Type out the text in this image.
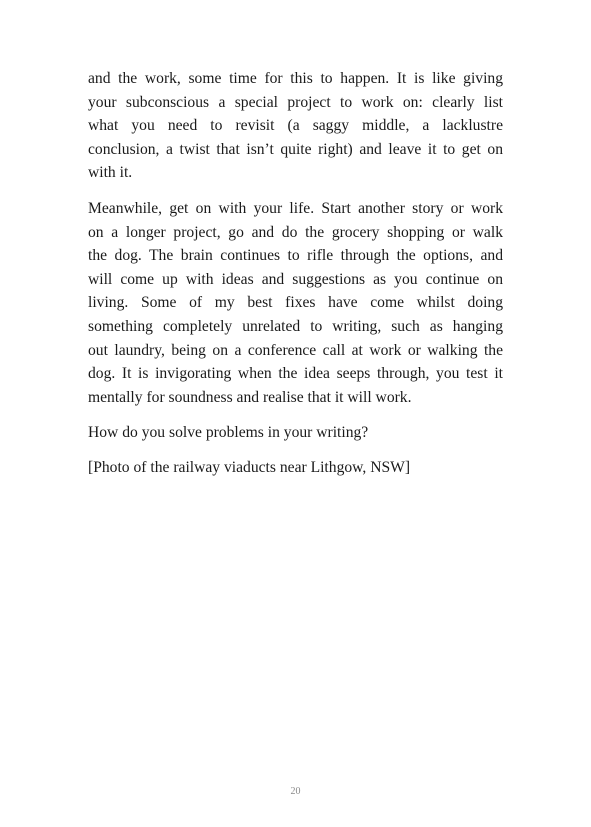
and the work, some time for this to happen. It is like giving
your subconscious a special project to work on: clearly list
what you need to revisit (a saggy middle, a lacklustre
conclusion, a twist that isn’t quite right) and leave it to get on
with it.
Meanwhile, get on with your life. Start another story or work
on a longer project, go and do the grocery shopping or walk
the dog. The brain continues to rifle through the options, and
will come up with ideas and suggestions as you continue on
living. Some of my best fixes have come whilst doing
something completely unrelated to writing, such as hanging
out laundry, being on a conference call at work or walking the
dog. It is invigorating when the idea seeps through, you test it
mentally for soundness and realise that it will work.

How do you solve problems in your writing?

[Photo of the railway viaducts near Lithgow, NSW]

20
